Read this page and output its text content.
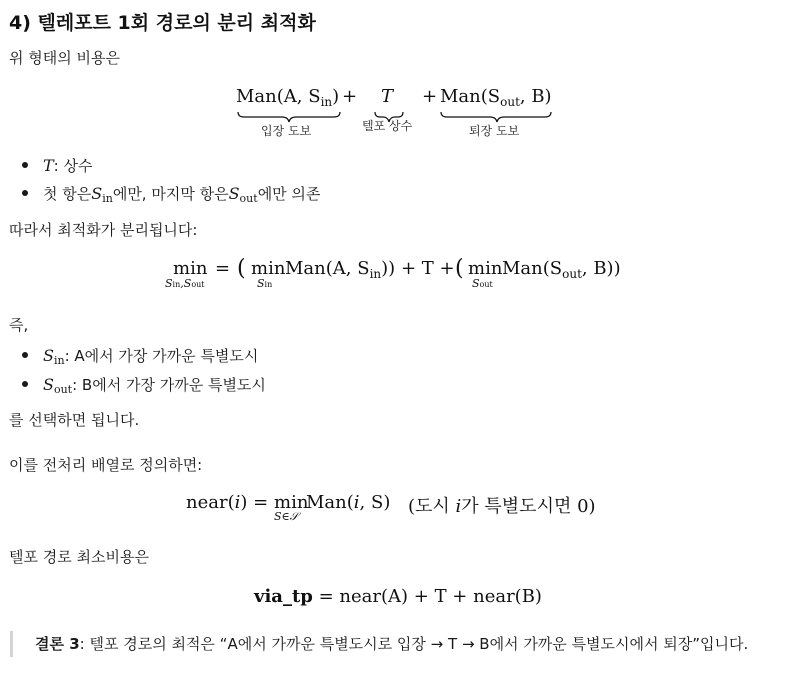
4) 텔레포트 1회 경로의 분리 최적화
위 형태의 비용은
Man(A, $S_{in}) + T + Man(S_{out}$, B)
입장 도보	텔포 상수	퇴장 도보
T : 상수
첫 항은 S in 에만, 마지막 항은 S out 에만 의존
따라서 최적화가 분리됩니다:
min
Sin,Sout
= ( min
Sin
Man(A, $S_{in})) + T$ + ( min
Sout
$Man(S_{out}$, B))
즉,
S in : A에서 가장 가까운 특별도시
S out : B에서 가장 가까운 특별도시
를 선택하면 됩니다.
이를 전처리 배열로 정의하면:
near(i) = min
S∈𝒮
Man(i, S) (도시 i가 특별도시면 0)
텔포 경로 최소비용은
via_tp = near(A) + T + near(B)
결론 3: 텔포 경로의 최적은 “A에서 가까운 특별도시로 입장 → T → B에서 가까운 특별도시에서 퇴장”입니다.
